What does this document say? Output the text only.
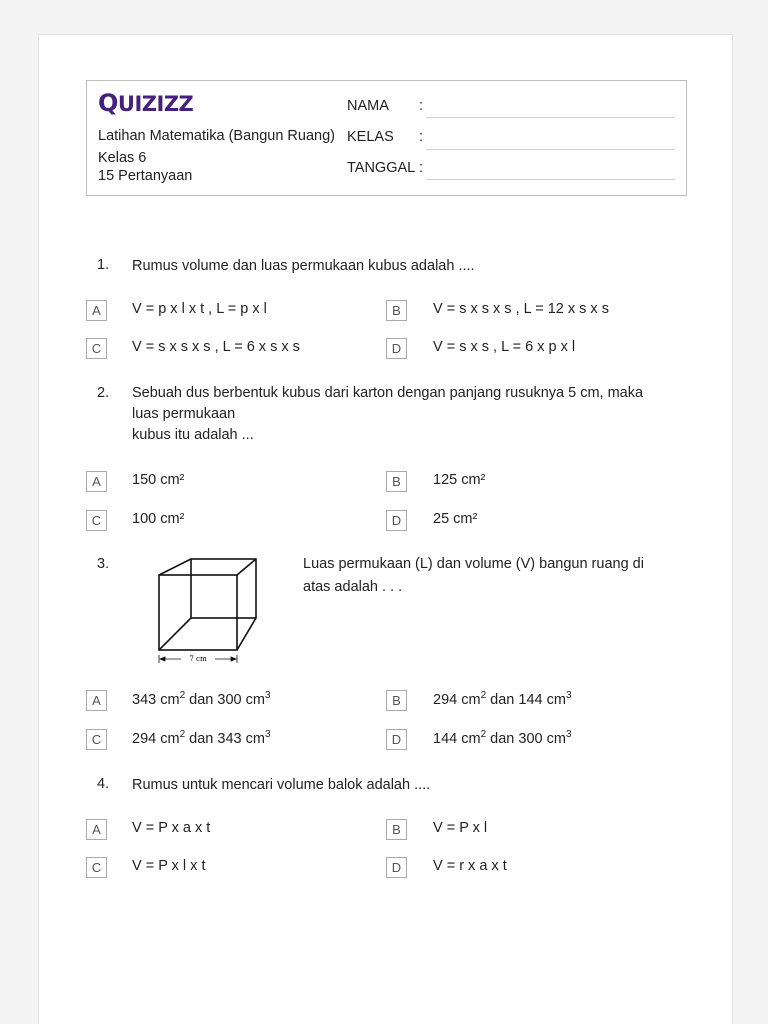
QUIZIZZ
Latihan Matematika (Bangun Ruang)
Kelas 6
15 Pertanyaan
NAMA :
KELAS :
TANGGAL :
1. Rumus volume dan luas permukaan kubus adalah ....
A	V = p x l x t , L = p x l	B	V = s x s x s , L = 12 x s x s
C	V = s x s x s , L = 6 x s x s	D	V = s x s , L = 6 x p x l
2. Sebuah dus berbentuk kubus dari karton dengan panjang rusuknya 5 cm, maka
luas permukaan
kubus itu adalah ...
A	150 cm²	B	125 cm²
C	100 cm²	D	25 cm²
3.
7 cm
Luas permukaan (L) dan volume (V) bangun ruang di
atas adalah . . .
A	343 $cm^2$ dan 300 $cm^3$	B	294 $cm^2$ dan 144 $cm^3$
C	294 $cm^2$ dan 343 $cm^3$	D	144 $cm^2$ dan 300 $cm^3$
4. Rumus untuk mencari volume balok adalah ....
A	V = P x a x t	B	V = P x l
C	V = P x l x t	D	V = r x a x t
